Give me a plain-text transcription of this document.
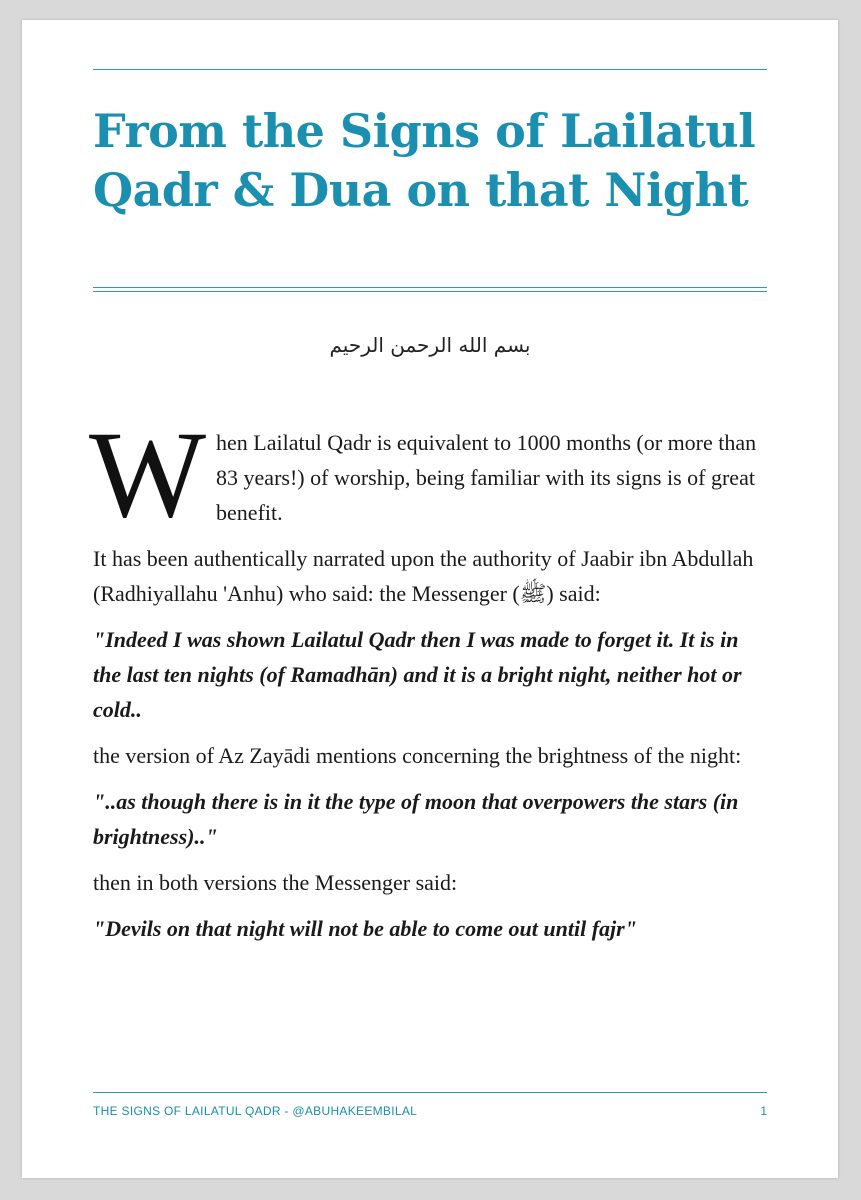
From the Signs of Lailatul Qadr & Dua on that Night
بسم الله الرحمن الرحيم

When Lailatul Qadr is equivalent to 1000 months (or more than 83 years!) of worship, being familiar with its signs is of great benefit.

It has been authentically narrated upon the authority of Jaabir ibn Abdullah (Radhiyallahu 'Anhu) who said: the Messenger (ﷺ) said:

"Indeed I was shown Lailatul Qadr then I was made to forget it. It is in the last ten nights (of Ramadhān) and it is a bright night, neither hot or cold..

the version of Az Zayādi mentions concerning the brightness of the night:

"..as though there is in it the type of moon that overpowers the stars (in brightness).."

then in both versions the Messenger said:

"Devils on that night will not be able to come out until fajr"

THE SIGNS OF LAILATUL QADR - @ABUHAKEEMBILAL	1
